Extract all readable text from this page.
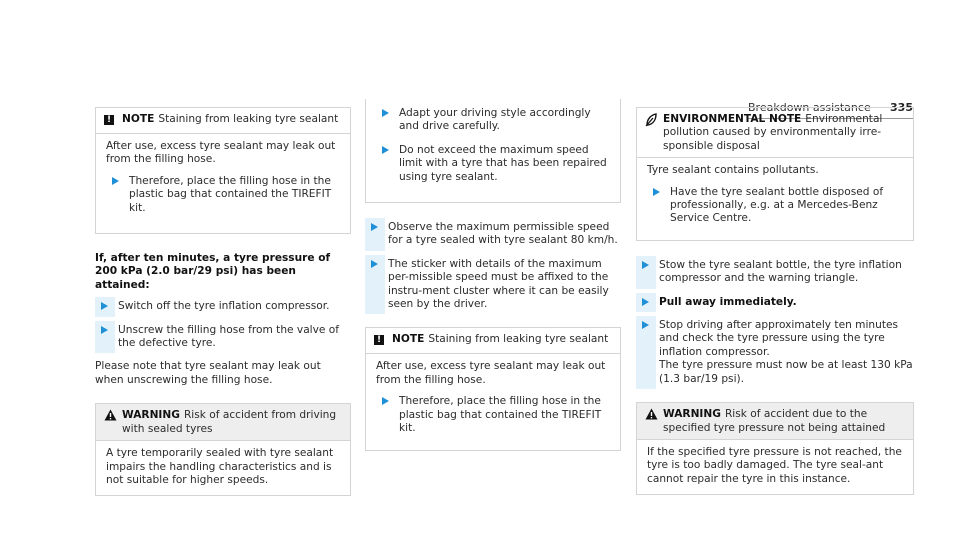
Breakdown assistance 335
!	NOTE Staining from leaking tyre sealant

After use, excess tyre sealant may leak out from the filling hose.

Therefore, place the filling hose in the plastic bag that contained the TIREFIT kit.
If, after ten minutes, a tyre pressure of 200 kPa (2.0 bar/29 psi) has been attained:
Switch off the tyre inflation compressor.
Unscrew the filling hose from the valve of the defective tyre.

Please note that tyre sealant may leak out when unscrewing the filling hose.

WARNING Risk of accident from driving with sealed tyres

A tyre temporarily sealed with tyre sealant impairs the handling characteristics and is not suitable for higher speeds.

Adapt your driving style accordingly and drive carefully.
Do not exceed the maximum speed limit with a tyre that has been repaired using tyre sealant.
Observe the maximum permissible speed for a tyre sealed with tyre sealant 80 km/h.
The sticker with details of the maximum per-missible speed must be affixed to the instru-ment cluster where it can be easily seen by the driver.
!	NOTE Staining from leaking tyre sealant

After use, excess tyre sealant may leak out from the filling hose.

Therefore, place the filling hose in the plastic bag that contained the TIREFIT kit.
ENVIRONMENTAL NOTE Environmental pollution caused by environmentally irre-sponsible disposal

Tyre sealant contains pollutants.

Have the tyre sealant bottle disposed of professionally, e.g. at a Mercedes-Benz Service Centre.
Stow the tyre sealant bottle, the tyre inflation compressor and the warning triangle.
Pull away immediately.
Stop driving after approximately ten minutes and check the tyre pressure using the tyre inflation compressor.
The tyre pressure must now be at least 130 kPa (1.3 bar/19 psi).
WARNING Risk of accident due to the specified tyre pressure not being attained

If the specified tyre pressure is not reached, the tyre is too badly damaged. The tyre seal-ant cannot repair the tyre in this instance.
